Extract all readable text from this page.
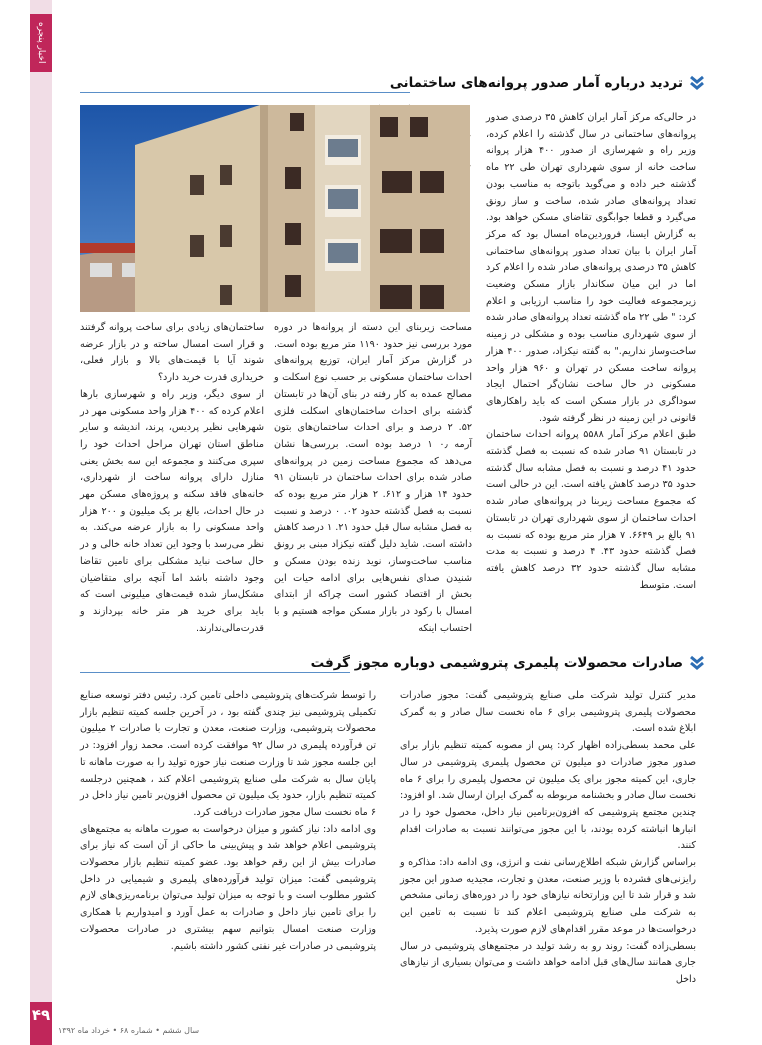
اخبار پنجره
۴۹
تردید درباره آمار صدور پروانه‌های ساختمانی

در حالی‌که مرکز آمار ایران کاهش ۳۵ درصدی صدور پروانه‌های ساختمانی در سال گذشته را اعلام کرده، وزیر راه و شهرسازی از صدور ۴۰۰ هزار پروانه ساخت خانه از سوی شهرداری تهران طی ۲۲ ماه گذشته خبر داده و می‌گوید باتوجه به مناسب بودن تعداد پروانه‌های صادر شده، ساخت و ساز رونق می‌گیرد و قطعا جوابگوی تقاضای مسکن خواهد بود. به گزارش ایسنا، فروردین‌ماه امسال بود که مرکز آمار ایران با بیان تعداد صدور پروانه‌های ساختمانی کاهش ۳۵ درصدی پروانه‌های صادر شده را اعلام کرد اما در این میان سکاندار بازار مسکن وضعیت زیرمجموعه فعالیت خود را مناسب ارزیابی و اعلام کرد: " طی ۲۲ ماه گذشته تعداد پروانه‌های صادر شده از سوی شهرداری مناسب بوده و مشکلی در زمینه ساخت‌وساز نداریم." به گفته نیکزاد، صدور ۴۰۰ هزار پروانه ساخت مسکن در تهران و ۹۶۰ هزار واحد مسکونی در حال ساخت نشان‌گر احتمال ایجاد سوداگری در بازار مسکن است که باید راهکارهای قانونی در این زمینه در نظر گرفته شود.

طبق اعلام مرکز آمار ۵۵۸۸ پروانه احداث ساختمان در تابستان ۹۱ صادر شده که نسبت به فصل گذشته حدود ۴۱ درصد و نسبت به فصل مشابه سال گذشته حدود ۳۵ درصد کاهش یافته است. این در حالی است که مجموع مساحت زیربنا در پروانه‌های صادر شده احداث ساختمان از سوی شهرداری تهران در تابستان ۹۱ بالغ بر ۶۶۴۹. ۷ هزار متر مربع بوده که نسبت به فصل گذشته حدود ۴۳. ۴ درصد و نسبت به مدت مشابه سال گذشته حدود ۳۲ درصد کاهش یافته است. متوسط

مساحت زیربنای این دسته از پروانه‌ها در دوره مورد بررسی نیز حدود ۱۱۹۰ متر مربع بوده است. در گزارش مرکز آمار ایران، توزیع پروانه‌های احداث ساختمان مسکونی بر حسب نوع اسکلت و مصالح عمده به کار رفته در بنای آن‌ها در تابستان گذشته برای احداث ساختمان‌های اسکلت فلزی ۵۲. ۲ درصد و برای احداث ساختمان‌های بتون آرمه ۰٫ ۱ درصد بوده است. بررسی‌ها نشان می‌دهد که مجموع مساحت زمین در پروانه‌های صادر شده برای احداث ساختمان در تابستان ۹۱ حدود ۱۴ هزار و ۶۱۲. ۲ هزار متر مربع بوده که نسبت به فصل گذشته حدود ۰۲. ۰ درصد و نسبت به فصل مشابه سال قبل حدود ۲۱. ۱ درصد کاهش داشته است. شاید دلیل گفته نیکزاد مبنی بر رونق مناسب ساخت‌وساز، نوید زنده بودن مسکن و شنیدن صدای نفس‌هایی برای ادامه حیات این بخش از اقتصاد کشور است چراکه از ابتدای امسال با رکود در بازار مسکن مواجه هستیم و با احتساب اینکه

ساختمان‌های زیادی برای ساخت پروانه گرفتند و قرار است امسال ساخته و در بازار عرضه شوند آیا با قیمت‌های بالا و بازار فعلی، خریداری قدرت خرید دارد؟

از سوی دیگر، وزیر راه و شهرسازی بارها اعلام کرده که ۴۰۰ هزار واحد مسکونی مهر در شهرهایی نظیر پردیس، پرند، اندیشه و سایر مناطق استان تهران مراحل احداث خود را سپری می‌کنند و مجموعه این سه بخش یعنی منازل دارای پروانه ساخت از شهرداری، خانه‌های فاقد سکنه و پروژه‌های مسکن مهر در حال احداث، بالغ بر یک میلیون و ۲۰۰ هزار واحد مسکونی را به بازار عرضه می‌کند. به نظر می‌رسد با وجود این تعداد خانه خالی و در حال ساخت نباید مشکلی برای تامین تقاضا وجود داشته باشد اما آنچه برای متقاضیان مشکل‌ساز شده قیمت‌های میلیونی است که باید برای خرید هر متر خانه بپردازند و قدرت‌مالی‌ندارند.

صادرات محصولات پلیمری پتروشیمی دوباره مجوز گرفت

مدیر کنترل تولید شرکت ملی صنایع پتروشیمی گفت: مجوز صادرات محصولات پلیمری پتروشیمی برای ۶ ماه نخست سال صادر و به گمرک ابلاغ شده است.

علی محمد بسطی‌زاده اظهار کرد: پس از مصوبه کمیته تنظیم بازار برای صدور مجوز صادرات دو میلیون تن محصول پلیمری پتروشیمی در سال جاری، این کمیته مجوز برای یک میلیون تن محصول پلیمری را برای ۶ ماه نخست سال صادر و بخشنامه مربوطه به گمرک ایران ارسال شد. او افزود: چندین مجتمع پتروشیمی که افزون‌برتامین نیاز داخل، محصول خود را در انبارها انباشته کرده بودند، با این مجوز می‌توانند نسبت به صادرات اقدام کنند.

براساس گزارش شبکه اطلاع‌رسانی نفت و انرژی، وی ادامه داد: مذاکره و رایزنی‌های فشرده با وزیر صنعت، معدن و تجارت، مجیدیه صدور این مجوز شد و قرار شد تا این وزارتخانه نیازهای خود را در دوره‌های زمانی مشخص به شرکت ملی صنایع پتروشیمی اعلام کند تا نسبت به تامین این درخواست‌ها در موعد مقرر اقدام‌های لازم صورت پذیرد.

بسطی‌زاده گفت: روند رو به رشد تولید در مجتمع‌های پتروشیمی در سال جاری همانند سال‌های قبل ادامه خواهد داشت و می‌توان بسیاری از نیازهای داخل

را توسط شرکت‌های پتروشیمی داخلی تامین کرد. رئیس دفتر توسعه صنایع تکمیلی پتروشیمی نیز چندی گفته بود ، در آخرین جلسه کمیته تنظیم بازار محصولات پتروشیمی، وزارت صنعت، معدن و تجارت با صادرات ۲ میلیون تن فرآورده پلیمری در سال ۹۲ موافقت کرده است. محمد زوار افزود: در این جلسه مجوز شد تا وزارت صنعت نیاز حوزه تولید را به صورت ماهانه تا پایان سال به شرکت ملی صنایع پتروشیمی اعلام کند ، همچنین درجلسه کمیته تنظیم بازار، حدود یک میلیون تن محصول افزون‌بر تامین نیاز داخل در ۶ ماه نخست سال مجوز صادرات دریافت کرد.

وی ادامه داد: نیاز کشور و میزان درخواست به صورت ماهانه به مجتمع‌های پتروشیمی اعلام خواهد شد و پیش‌بینی ما حاکی از آن است که نیاز برای صادرات بیش از این رقم خواهد بود. عضو کمیته تنظیم بازار محصولات پتروشیمی گفت: میزان تولید فرآورده‌های پلیمری و شیمیایی در داخل کشور مطلوب است و با توجه به میزان تولید می‌توان برنامه‌ریزی‌های لازم را برای تامین نیاز داخل و صادرات به عمل آورد و امیدواریم با همکاری وزارت صنعت امسال بتوانیم سهم بیشتری در صادرات محصولات پتروشیمی در صادرات غیر نفتی کشور داشته باشیم.

سال ششم • شماره ۶۸ • خرداد ماه ۱۳۹۲
